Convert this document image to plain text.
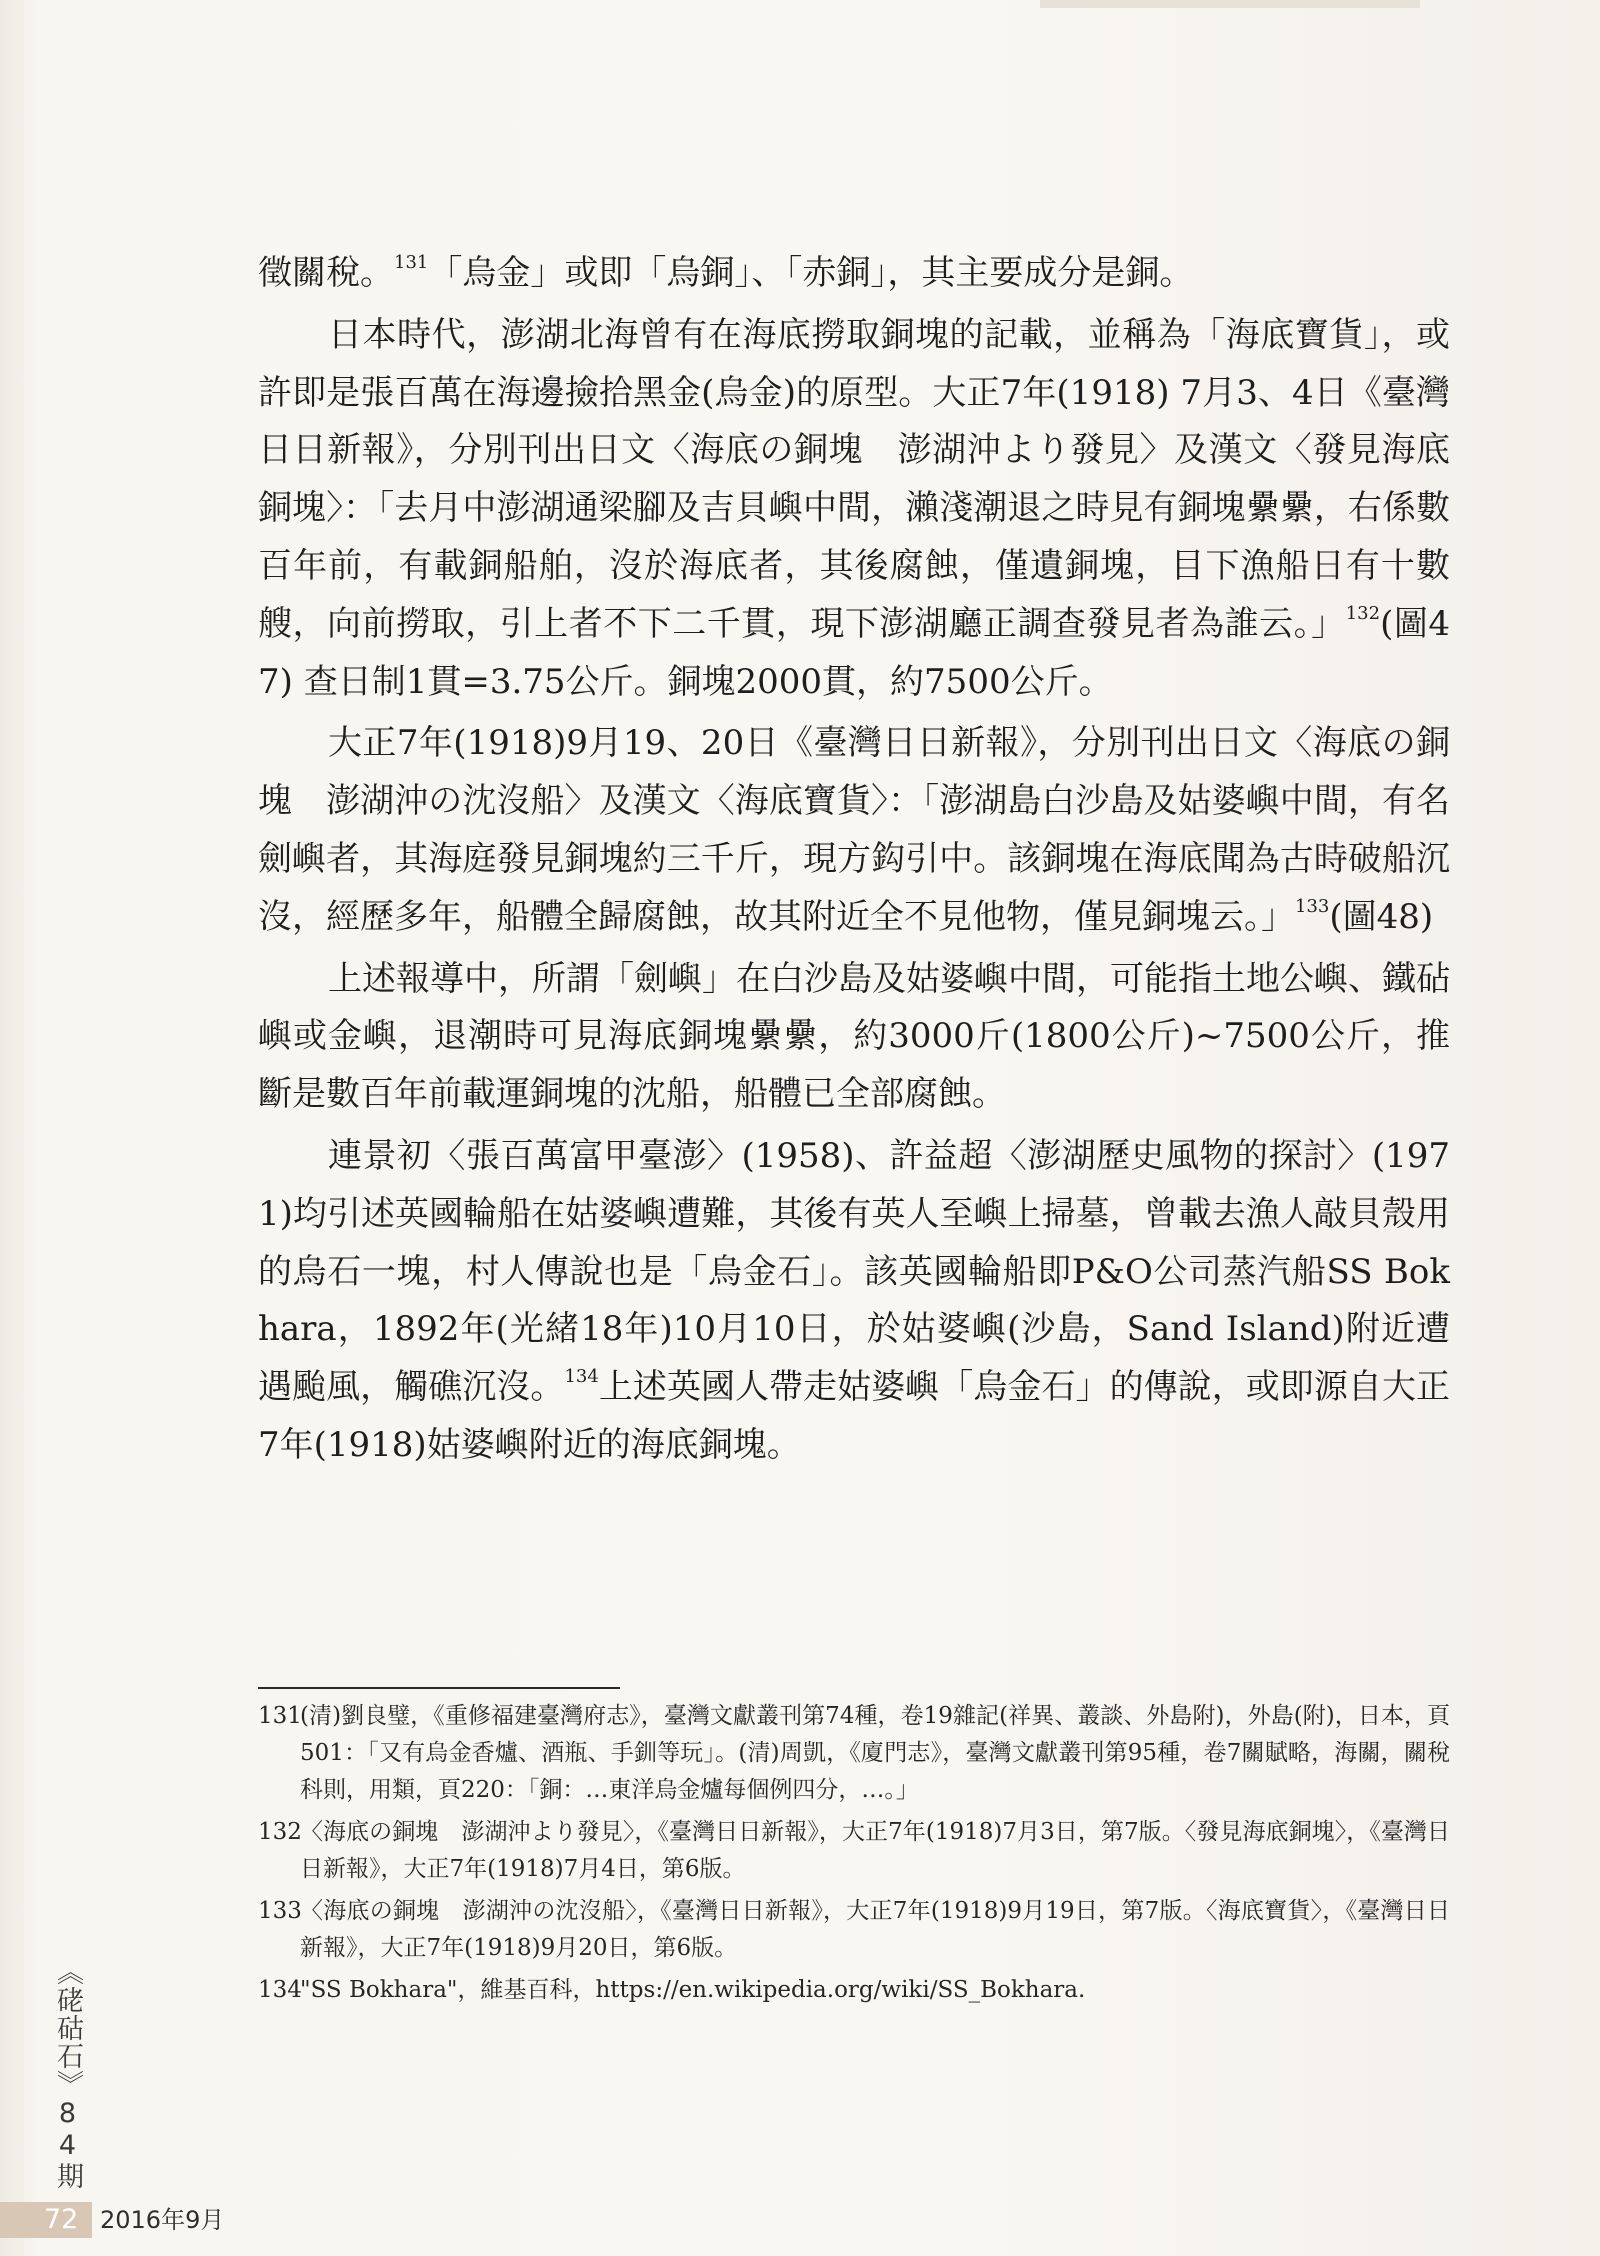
徵關稅。$^{131}$「烏金」或即「烏銅」、「赤銅」，其主要成分是銅。

日本時代，澎湖北海曾有在海底撈取銅塊的記載，並稱為「海底寶貨」，或許即是張百萬在海邊撿拾黑金(烏金)的原型。大正7年(1918) 7月3、4日《臺灣日日新報》，分別刊出日文〈海底の銅塊　澎湖沖より發見〉及漢文〈發見海底銅塊〉：「去月中澎湖通梁腳及吉貝嶼中間，瀨淺潮退之時見有銅塊纍纍，右係數百年前，有載銅船舶，沒於海底者，其後腐蝕，僅遺銅塊，目下漁船日有十數艘，向前撈取，引上者不下二千貫，現下澎湖廳正調查發見者為誰云。」$^{132}$(圖47) 查日制1貫=3.75公斤。銅塊2000貫，約7500公斤。

大正7年(1918)9月19、20日《臺灣日日新報》，分別刊出日文〈海底の銅塊　澎湖沖の沈沒船〉及漢文〈海底寶貨〉：「澎湖島白沙島及姑婆嶼中間，有名劍嶼者，其海庭發見銅塊約三千斤，現方鈎引中。該銅塊在海底聞為古時破船沉沒，經歷多年，船體全歸腐蝕，故其附近全不見他物，僅見銅塊云。」$^{133}$(圖48)

上述報導中，所謂「劍嶼」在白沙島及姑婆嶼中間，可能指土地公嶼、鐵砧嶼或金嶼，退潮時可見海底銅塊纍纍，約3000斤(1800公斤)~7500公斤，推斷是數百年前載運銅塊的沈船，船體已全部腐蝕。

連景初〈張百萬富甲臺澎〉(1958)、許益超〈澎湖歷史風物的探討〉(1971)均引述英國輪船在姑婆嶼遭難，其後有英人至嶼上掃墓，曾載去漁人敲貝殼用的烏石一塊，村人傳說也是「烏金石」。該英國輪船即P&O公司蒸汽船SS Bokhara，1892年(光緒18年)10月10日，於姑婆嶼(沙島，Sand Island)附近遭遇颱風，觸礁沉沒。$^{134}$上述英國人帶走姑婆嶼「烏金石」的傳說，或即源自大正7年(1918)姑婆嶼附近的海底銅塊。

131
(清)劉良璧，《重修福建臺灣府志》，臺灣文獻叢刊第74種，卷19雜記(祥異、叢談、外島附)，外島(附)，日本，頁501：「又有烏金香爐、酒瓶、手釧等玩」。(清)周凱，《廈門志》，臺灣文獻叢刊第95種，卷7關賦略，海關，關稅科則，用類，頁220：「銅：…東洋烏金爐每個例四分，…。」
132
〈海底の銅塊　澎湖沖より發見〉，《臺灣日日新報》，大正7年(1918)7月3日，第7版。〈發見海底銅塊〉，《臺灣日日新報》，大正7年(1918)7月4日，第6版。
133
〈海底の銅塊　澎湖沖の沈沒船〉，《臺灣日日新報》，大正7年(1918)9月19日，第7版。〈海底寶貨〉，《臺灣日日新報》，大正7年(1918)9月20日，第6版。
134
"SS Bokhara"，維基百科，https://en.wikipedia.org/wiki/SS_Bokhara.
《硓𥑮石》84期
72 2016年9月
